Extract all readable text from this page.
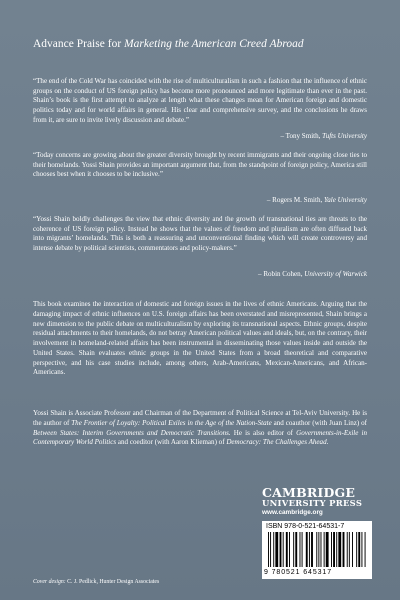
Advance Praise for Marketing the American Creed Abroad
“The end of the Cold War has coincided with the rise of multiculturalism in such a fashion that the influence of ethnic groups on the conduct of US foreign policy has become more pronounced and more legitimate than ever in the past. Shain’s book is the first attempt to analyze at length what these changes mean for American foreign and domestic politics today and for world affairs in general. His clear and comprehensive survey, and the conclusions he draws from it, are sure to invite lively discussion and debate.”
– Tony Smith, Tufts University
“Today concerns are growing about the greater diversity brought by recent immigrants and their ongoing close ties to their homelands. Yossi Shain provides an important argument that, from the standpoint of foreign policy, America still chooses best when it chooses to be inclusive.”
– Rogers M. Smith, Yale University
“Yossi Shain boldly challenges the view that ethnic diversity and the growth of transnational ties are threats to the coherence of US foreign policy. Instead he shows that the values of freedom and pluralism are often diffused back into migrants’ homelands. This is both a reassuring and unconventional finding which will create controversy and intense debate by political scientists, commentators and policy-makers.”
– Robin Cohen, University of Warwick
This book examines the interaction of domestic and foreign issues in the lives of ethnic Americans. Arguing that the damaging impact of ethnic influences on U.S. foreign affairs has been overstated and misrepresented, Shain brings a new dimension to the public debate on multiculturalism by exploring its transnational aspects. Ethnic groups, despite residual attachments to their homelands, do not betray American political values and ideals, but, on the contrary, their involvement in homeland-related affairs has been instrumental in disseminating those values inside and outside the United States. Shain evaluates ethnic groups in the United States from a broad theoretical and comparative perspective, and his case studies include, among others, Arab-Americans, Mexican-Americans, and African-Americans.
Yossi Shain is Associate Professor and Chairman of the Department of Political Science at Tel-Aviv University. He is the author of The Frontier of Loyalty: Political Exiles in the Age of the Nation-State and coauthor (with Juan Linz) of Between States: Interim Governments and Democratic Transitions. He is also editor of Governments-in-Exile in Contemporary World Politics and coeditor (with Aaron Klieman) of Democracy: The Challenges Ahead.
CAMBRIDGE
UNIVERSITY PRESS
www.cambridge.org
ISBN 978-0-521-64531-7
9 780521 645317
Cover design: C. J. Pedlick, Hunter Design Associates
